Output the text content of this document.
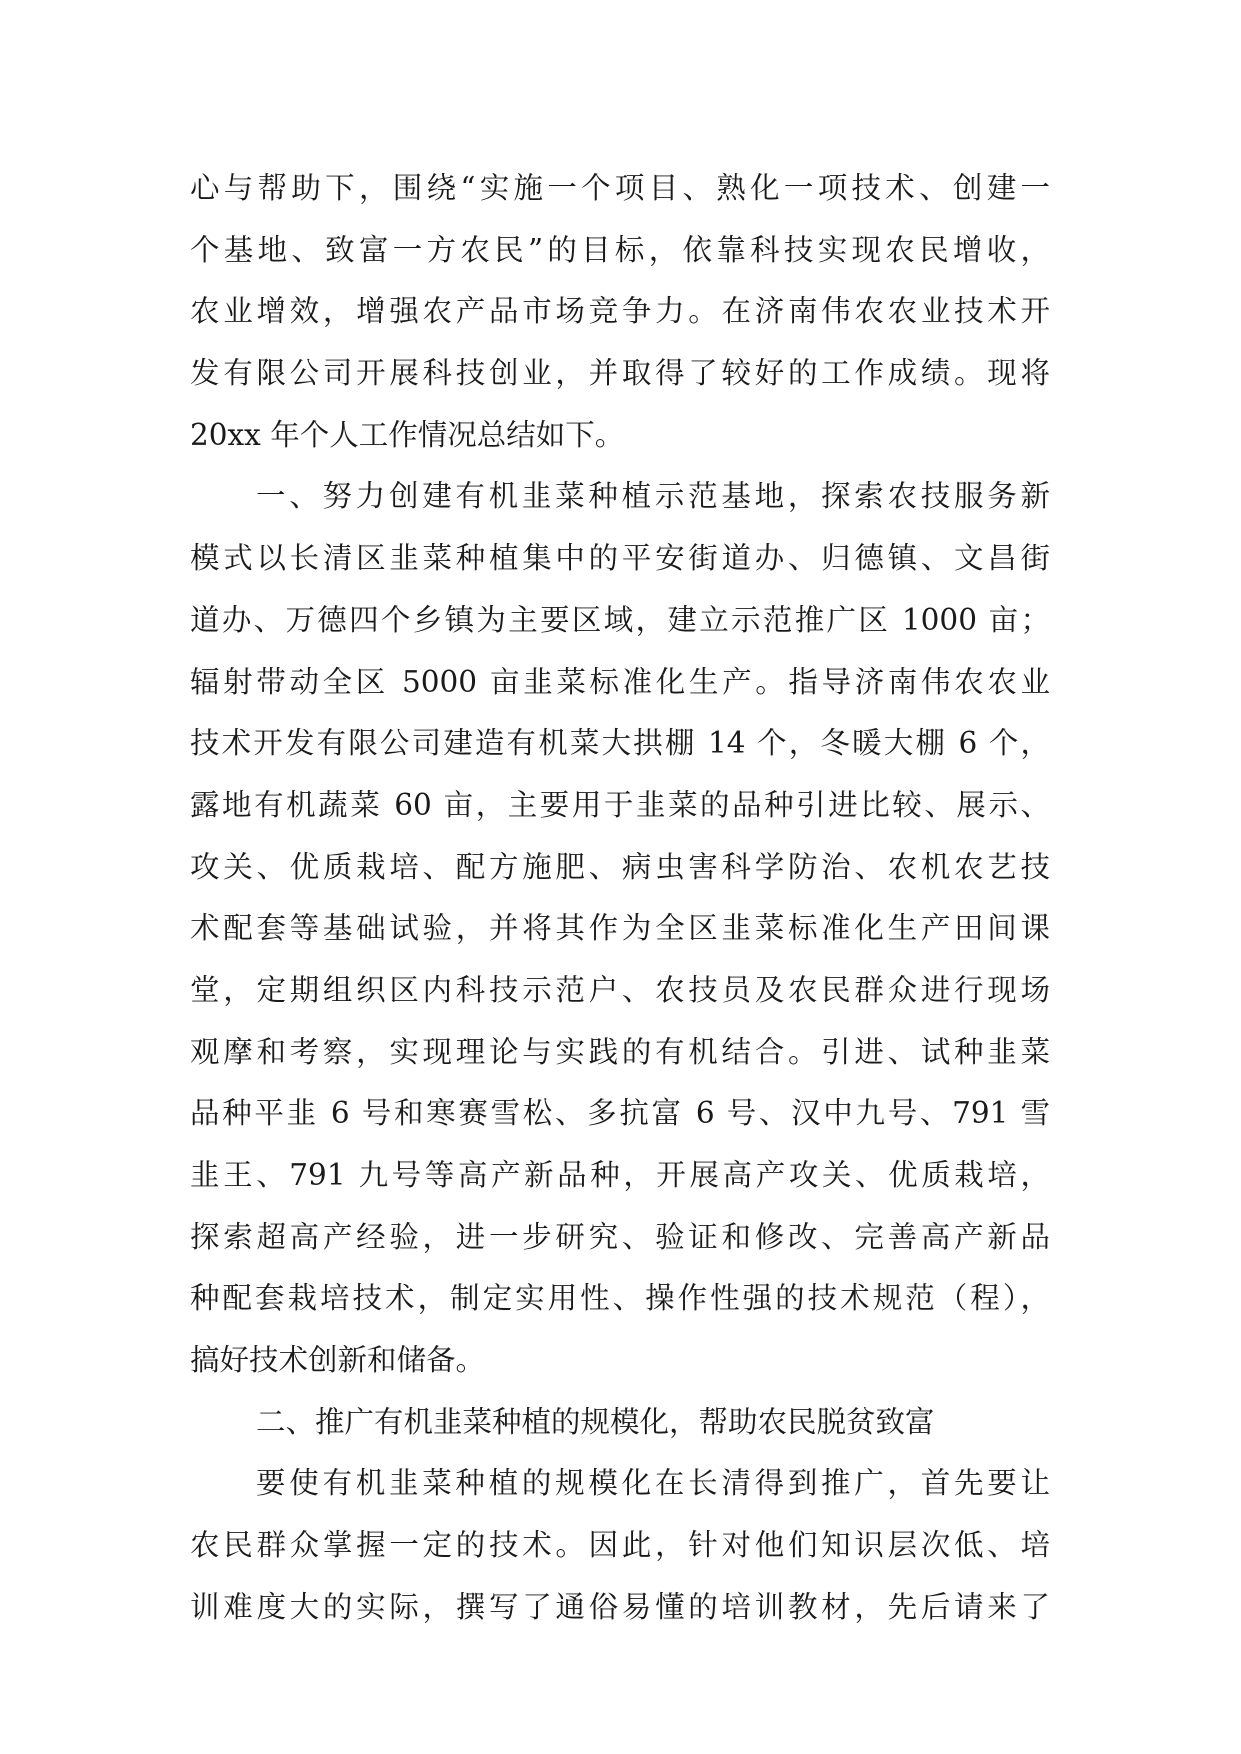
心与帮助下，围绕“实施一个项目、熟化一项技术、创建一
个基地、致富一方农民”的目标，依靠科技实现农民增收，
农业增效，增强农产品市场竞争力。在济南伟农农业技术开
发有限公司开展科技创业，并取得了较好的工作成绩。现将
20xx 年个人工作情况总结如下。
一、努力创建有机韭菜种植示范基地，探索农技服务新
模式以长清区韭菜种植集中的平安街道办、归德镇、文昌街
道办、万德四个乡镇为主要区域，建立示范推广区 1000 亩；
辐射带动全区 5000 亩韭菜标准化生产。指导济南伟农农业
技术开发有限公司建造有机菜大拱棚 14 个，冬暖大棚 6 个，
露地有机蔬菜 60 亩，主要用于韭菜的品种引进比较、展示、
攻关、优质栽培、配方施肥、病虫害科学防治、农机农艺技
术配套等基础试验，并将其作为全区韭菜标准化生产田间课
堂，定期组织区内科技示范户、农技员及农民群众进行现场
观摩和考察，实现理论与实践的有机结合。引进、试种韭菜
品种平韭 6 号和寒赛雪松、多抗富 6 号、汉中九号、791 雪
韭王、791 九号等高产新品种，开展高产攻关、优质栽培，
探索超高产经验，进一步研究、验证和修改、完善高产新品
种配套栽培技术，制定实用性、操作性强的技术规范（程），
搞好技术创新和储备。
二、推广有机韭菜种植的规模化，帮助农民脱贫致富
要使有机韭菜种植的规模化在长清得到推广，首先要让
农民群众掌握一定的技术。因此，针对他们知识层次低、培
训难度大的实际，撰写了通俗易懂的培训教材，先后请来了
